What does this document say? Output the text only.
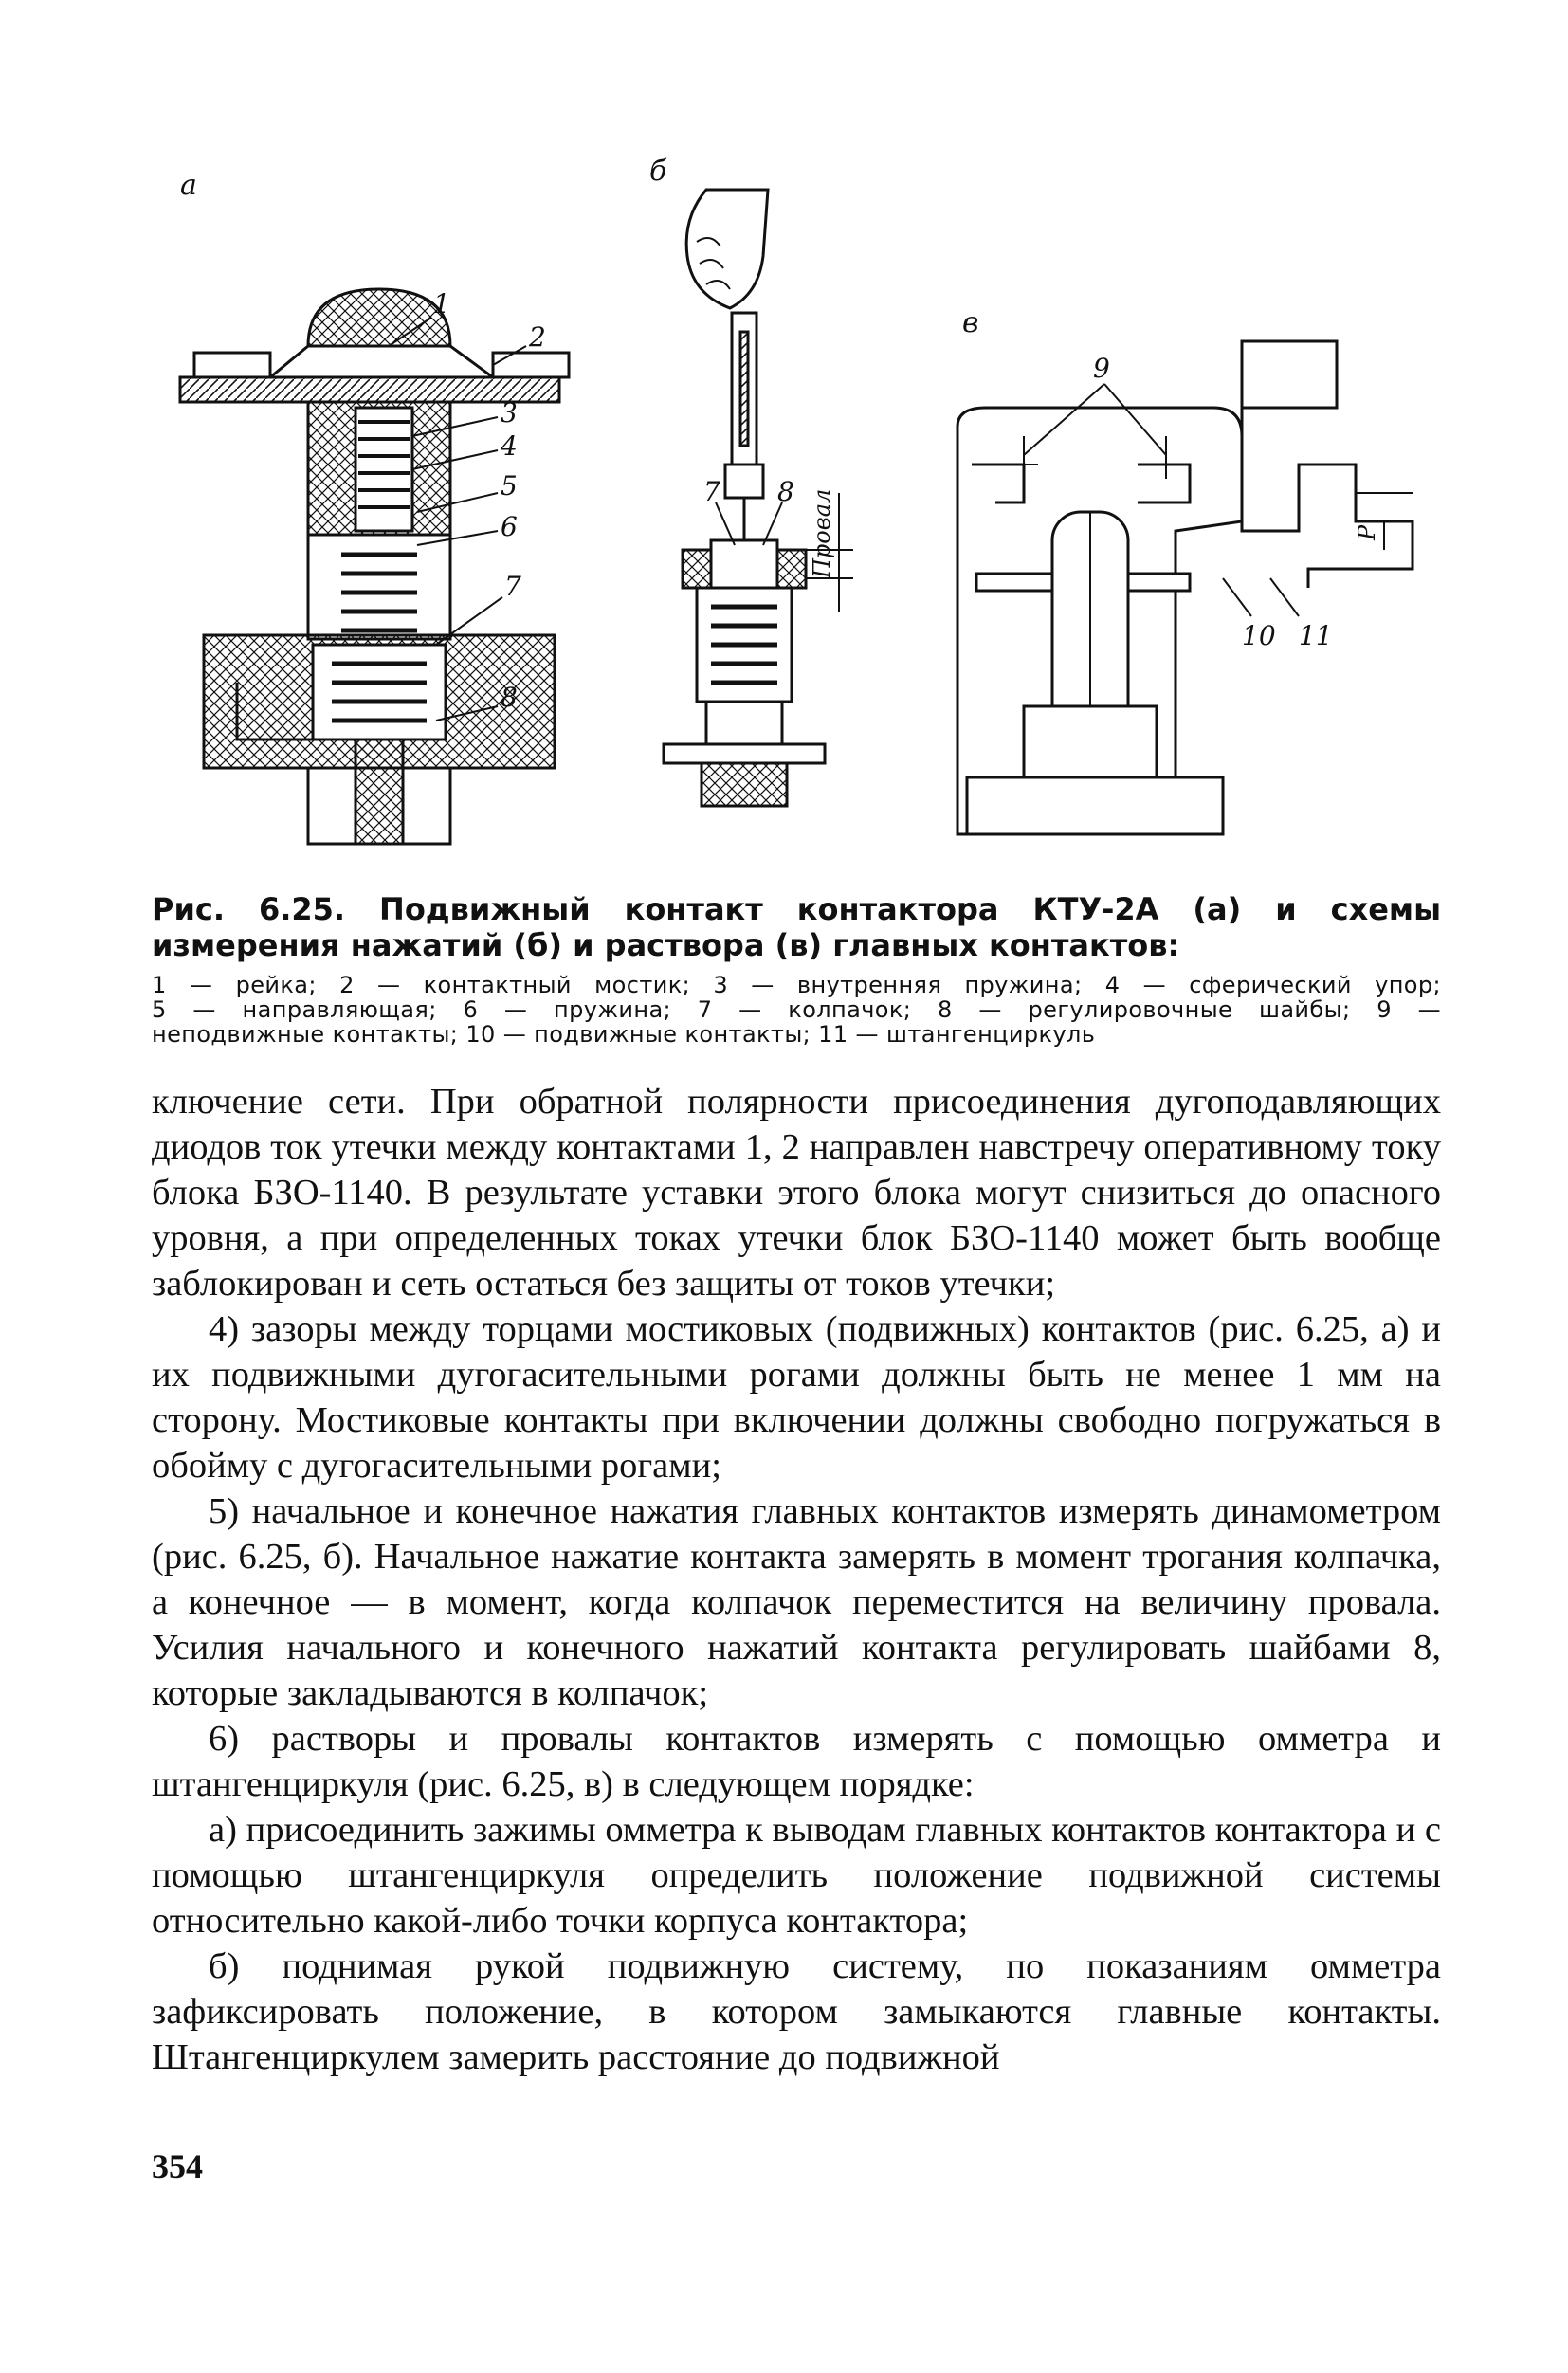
а
1
2
3
4
5
6
7
8
б
7 8 Провал
в
9
10 11
Р

Рис. 6.25. Подвижный контакт контактора КТУ-2А (а) и схемы измерения нажатий (б) и раствора (в) главных контактов:

1 — рейка; 2 — контактный мостик; 3 — внутренняя пружина; 4 — сферический упор;

5 — направляющая; 6 — пружина; 7 — колпачок; 8 — регулировочные шайбы; 9 —

неподвижные контакты; 10 — подвижные контакты; 11 — штангенциркуль

ключение сети. При обратной полярности присоединения дугоподавляющих диодов ток утечки между контактами 1, 2 направлен навстречу оперативному току блока БЗО-1140. В результате уставки этого блока могут снизиться до опасного уровня, а при определенных токах утечки блок БЗО-1140 может быть вообще заблокирован и сеть остаться без защиты от токов утечки;

4) зазоры между торцами мостиковых (подвижных) контактов (рис. 6.25, а) и их подвижными дугогасительными рогами должны быть не менее 1 мм на сторону. Мостиковые контакты при включении должны свободно погружаться в обойму с дугогасительными рогами;

5) начальное и конечное нажатия главных контактов измерять динамометром (рис. 6.25, б). Начальное нажатие контакта замерять в момент трогания колпачка, а конечное — в момент, когда колпачок переместится на величину провала. Усилия начального и конечного нажатий контакта регулировать шайбами 8, которые закладываются в колпачок;

6) растворы и провалы контактов измерять с помощью омметра и штангенциркуля (рис. 6.25, в) в следующем порядке:

а) присоединить зажимы омметра к выводам главных контактов контактора и с помощью штангенциркуля определить положение подвижной системы относительно какой-либо точки корпуса контактора;

б) поднимая рукой подвижную систему, по показаниям омметра зафиксировать положение, в котором замыкаются главные контакты. Штангенциркулем замерить расстояние до подвижной

354
